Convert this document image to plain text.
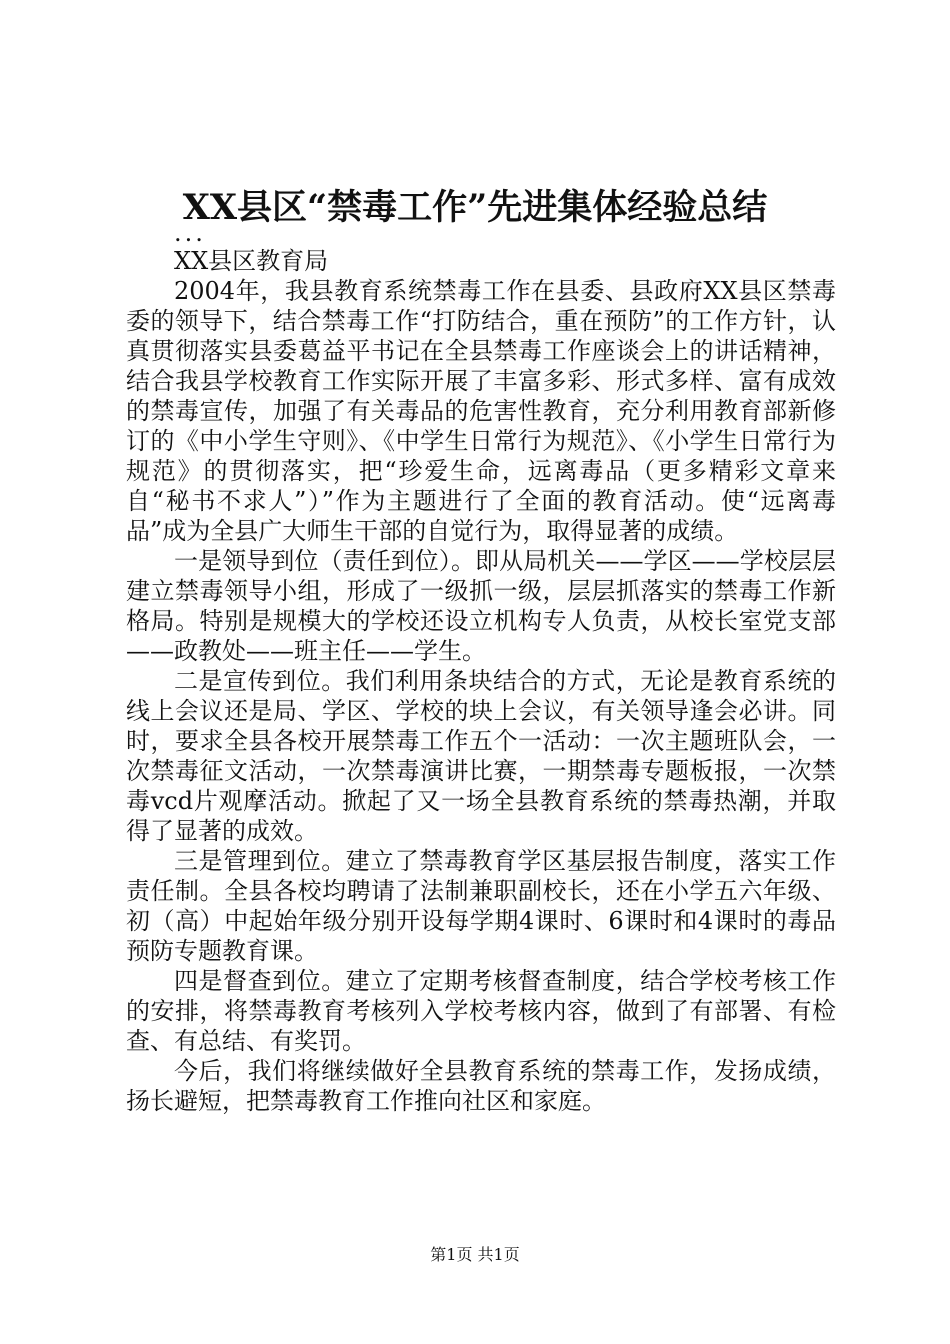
XX县区“禁毒工作”先进集体经验总结

...

XX县区教育局

2004年，我县教育系统禁毒工作在县委、县政府XX县区禁毒委的领导下，结合禁毒工作“打防结合，重在预防”的工作方针，认真贯彻落实县委葛益平书记在全县禁毒工作座谈会上的讲话精神，结合我县学校教育工作实际开展了丰富多彩、形式多样、富有成效的禁毒宣传，加强了有关毒品的危害性教育，充分利用教育部新修订的《中小学生守则》、《中学生日常行为规范》、《小学生日常行为规范》的贯彻落实，把“珍爱生命，远离毒品（更多精彩文章来自“秘书不求人”）”作为主题进行了全面的教育活动。使“远离毒品”成为全县广大师生干部的自觉行为，取得显著的成绩。

一是领导到位（责任到位）。即从局机关——学区——学校层层建立禁毒领导小组，形成了一级抓一级，层层抓落实的禁毒工作新格局。特别是规模大的学校还设立机构专人负责，从校长室党支部——政教处——班主任——学生。

二是宣传到位。我们利用条块结合的方式，无论是教育系统的线上会议还是局、学区、学校的块上会议，有关领导逢会必讲。同时，要求全县各校开展禁毒工作五个一活动：一次主题班队会，一次禁毒征文活动，一次禁毒演讲比赛，一期禁毒专题板报，一次禁毒vcd片观摩活动。掀起了又一场全县教育系统的禁毒热潮，并取得了显著的成效。

三是管理到位。建立了禁毒教育学区基层报告制度，落实工作责任制。全县各校均聘请了法制兼职副校长，还在小学五六年级、初（高）中起始年级分别开设每学期4课时、6课时和4课时的毒品预防专题教育课。

四是督查到位。建立了定期考核督查制度，结合学校考核工作的安排，将禁毒教育考核列入学校考核内容，做到了有部署、有检查、有总结、有奖罚。

今后，我们将继续做好全县教育系统的禁毒工作，发扬成绩，扬长避短，把禁毒教育工作推向社区和家庭。

第1页 共1页
